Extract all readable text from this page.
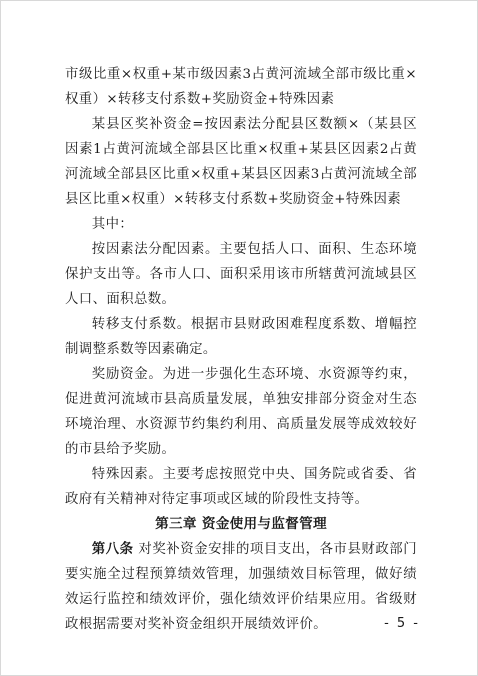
市级比重×权重+某市级因素3占黄河流域全部市级比重×权重）×转移支付系数+奖励资金+特殊因素

某县区奖补资金=按因素法分配县区数额×（某县区因素1占黄河流域全部县区比重×权重+某县区因素2占黄河流域全部县区比重×权重+某县区因素3占黄河流域全部县区比重×权重）×转移支付系数+奖励资金+特殊因素

其中：

按因素法分配因素。主要包括人口、面积、生态环境保护支出等。各市人口、面积采用该市所辖黄河流域县区人口、面积总数。

转移支付系数。根据市县财政困难程度系数、增幅控制调整系数等因素确定。

奖励资金。为进一步强化生态环境、水资源等约束，促进黄河流域市县高质量发展，单独安排部分资金对生态环境治理、水资源节约集约利用、高质量发展等成效较好的市县给予奖励。

特殊因素。主要考虑按照党中央、国务院或省委、省政府有关精神对待定事项或区域的阶段性支持等。

第三章 资金使用与监督管理

第八条 对奖补资金安排的项目支出，各市县财政部门要实施全过程预算绩效管理，加强绩效目标管理，做好绩效运行监控和绩效评价，强化绩效评价结果应用。省级财政根据需要对奖补资金组织开展绩效评价。	- 5 -
